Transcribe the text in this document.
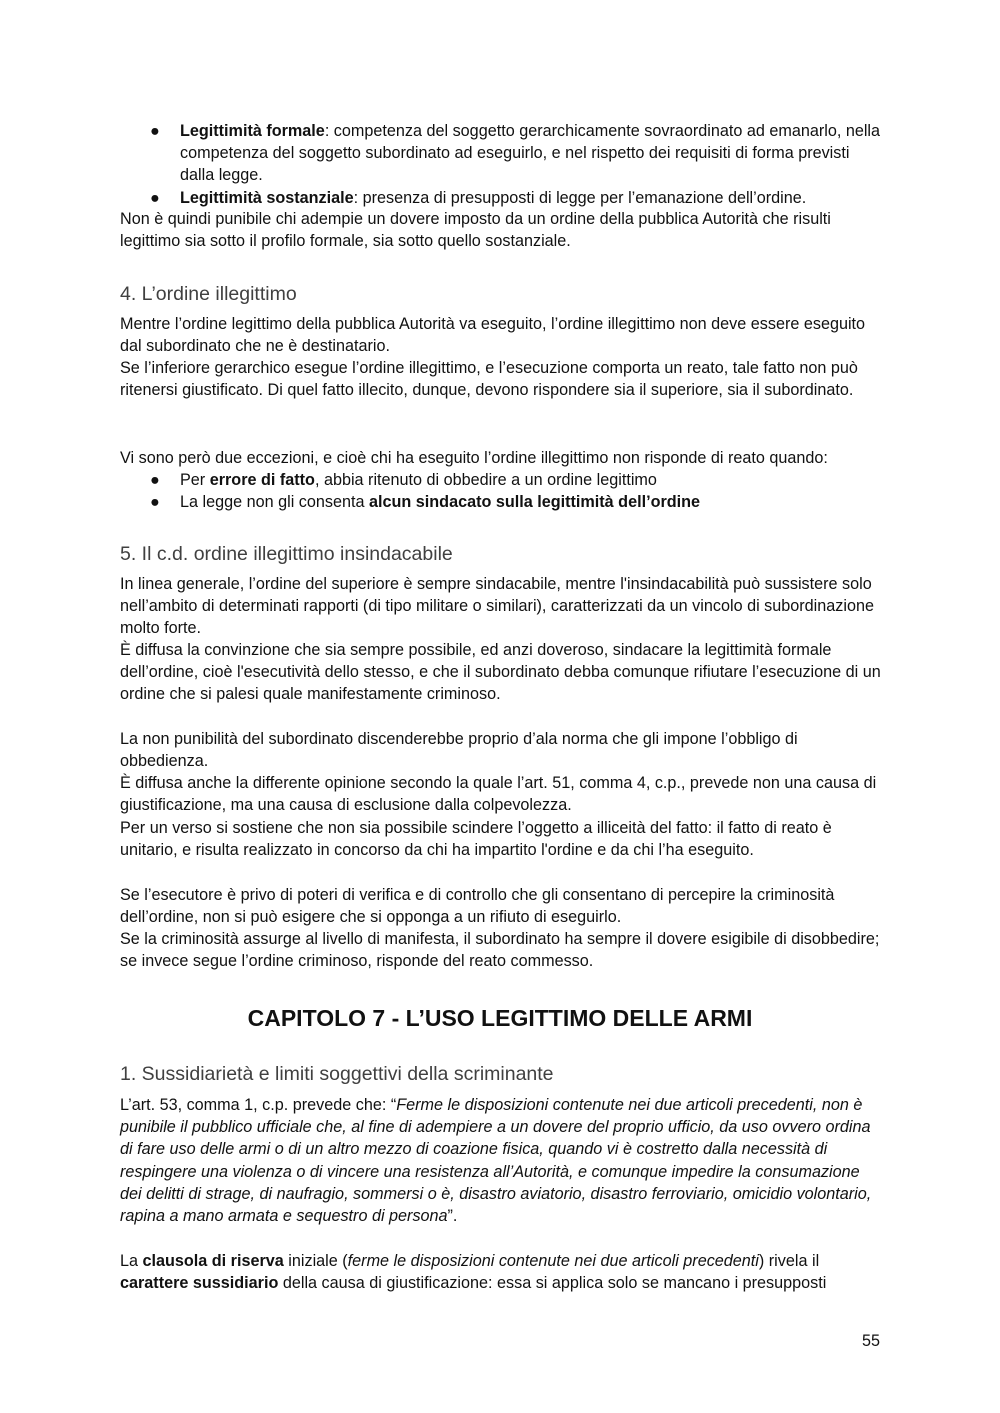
● Legittimità formale: competenza del soggetto gerarchicamente sovraordinato ad emanarlo, nella competenza del soggetto subordinato ad eseguirlo, e nel rispetto dei requisiti di forma previsti dalla legge.
● Legittimità sostanziale: presenza di presupposti di legge per l’emanazione dell’ordine.

Non è quindi punibile chi adempie un dovere imposto da un ordine della pubblica Autorità che risulti legittimo sia sotto il profilo formale, sia sotto quello sostanziale.

4. L’ordine illegittimo

Mentre l’ordine legittimo della pubblica Autorità va eseguito, l’ordine illegittimo non deve essere eseguito dal subordinato che ne è destinatario.

Se l’inferiore gerarchico esegue l’ordine illegittimo, e l’esecuzione comporta un reato, tale fatto non può ritenersi giustificato. Di quel fatto illecito, dunque, devono rispondere sia il superiore, sia il subordinato.

Vi sono però due eccezioni, e cioè chi ha eseguito l’ordine illegittimo non risponde di reato quando:

● Per errore di fatto, abbia ritenuto di obbedire a un ordine legittimo
● La legge non gli consenta alcun sindacato sulla legittimità dell’ordine
5. Il c.d. ordine illegittimo insindacabile

In linea generale, l’ordine del superiore è sempre sindacabile, mentre l'insindacabilità può sussistere solo nell’ambito di determinati rapporti (di tipo militare o similari), caratterizzati da un vincolo di subordinazione molto forte.

È diffusa la convinzione che sia sempre possibile, ed anzi doveroso, sindacare la legittimità formale dell’ordine, cioè l'esecutività dello stesso, e che il subordinato debba comunque rifiutare l’esecuzione di un ordine che si palesi quale manifestamente criminoso.

La non punibilità del subordinato discenderebbe proprio d’ala norma che gli impone l’obbligo di obbedienza.

È diffusa anche la differente opinione secondo la quale l’art. 51, comma 4, c.p., prevede non una causa di giustificazione, ma una causa di esclusione dalla colpevolezza.

Per un verso si sostiene che non sia possibile scindere l’oggetto a illiceità del fatto: il fatto di reato è unitario, e risulta realizzato in concorso da chi ha impartito l'ordine e da chi l’ha eseguito.

Se l’esecutore è privo di poteri di verifica e di controllo che gli consentano di percepire la criminosità dell’ordine, non si può esigere che si opponga a un rifiuto di eseguirlo.

Se la criminosità assurge al livello di manifesta, il subordinato ha sempre il dovere esigibile di disobbedire; se invece segue l’ordine criminoso, risponde del reato commesso.

CAPITOLO 7 - L’USO LEGITTIMO DELLE ARMI
1. Sussidiarietà e limiti soggettivi della scriminante

L’art. 53, comma 1, c.p. prevede che: “Ferme le disposizioni contenute nei due articoli precedenti, non è punibile il pubblico ufficiale che, al fine di adempiere a un dovere del proprio ufficio, da uso ovvero ordina di fare uso delle armi o di un altro mezzo di coazione fisica, quando vi è costretto dalla necessità di respingere una violenza o di vincere una resistenza all’Autorità, e comunque impedire la consumazione dei delitti di strage, di naufragio, sommersi o è, disastro aviatorio, disastro ferroviario, omicidio volontario, rapina a mano armata e sequestro di persona”.

La clausola di riserva iniziale (ferme le disposizioni contenute nei due articoli precedenti) rivela il carattere sussidiario della causa di giustificazione: essa si applica solo se mancano i presupposti

55
